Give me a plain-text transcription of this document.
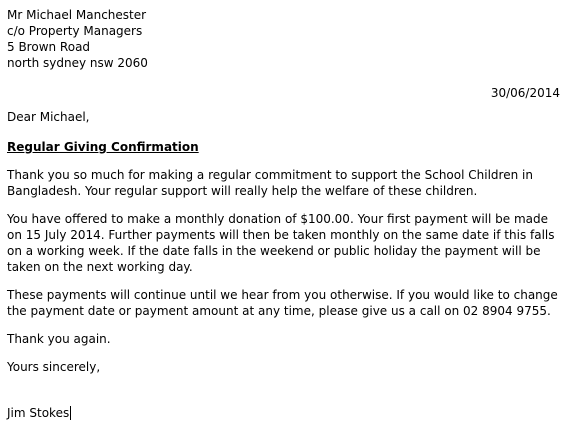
Mr Michael Manchester
c/o Property Managers
5 Brown Road
north sydney nsw 2060
30/06/2014
Dear Michael,
Regular Giving Confirmation
Thank you so much for making a regular commitment to support the School Children in
Bangladesh. Your regular support will really help the welfare of these children.
You have offered to make a monthly donation of $100.00. Your first payment will be made
on 15 July 2014. Further payments will then be taken monthly on the same date if this falls
on a working week. If the date falls in the weekend or public holiday the payment will be
taken on the next working day.
These payments will continue until we hear from you otherwise. If you would like to change
the payment date or payment amount at any time, please give us a call on 02 8904 9755.
Thank you again.
Yours sincerely,
Jim Stokes
